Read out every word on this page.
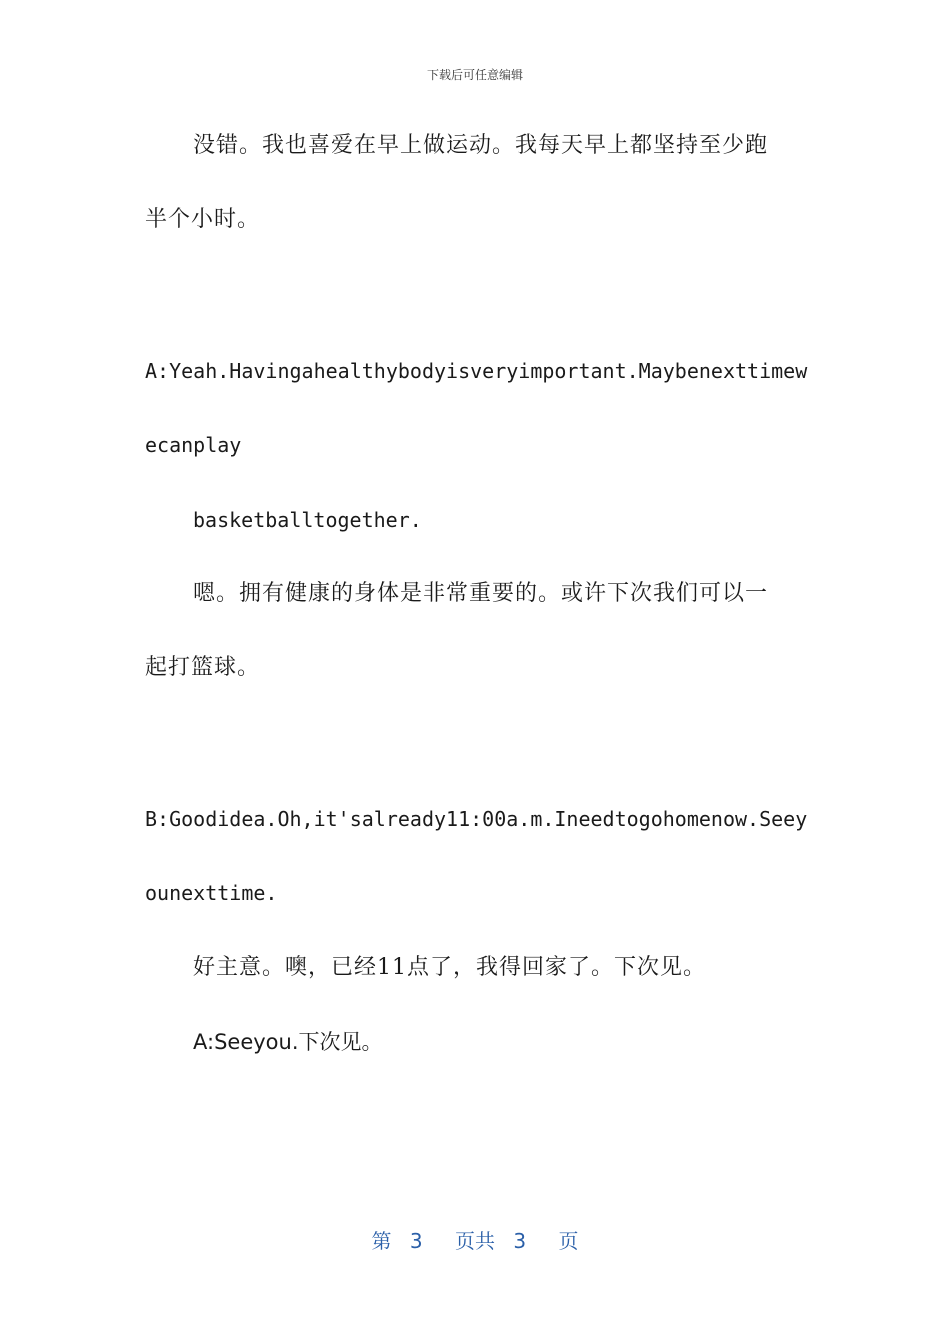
下载后可任意编辑
没错。我也喜爱在早上做运动。我每天早上都坚持至少跑
半个小时。
A:Yeah.Havingahealthybodyisveryimportant.Maybenexttimew
ecanplay
basketballtogether.
嗯。拥有健康的身体是非常重要的。或许下次我们可以一
起打篮球。
B:Goodidea.Oh,it'salready11:00a.m.Ineedtogohomenow.Seey
ounexttime.
好主意。噢，已经11点了，我得回家了。下次见。
A:Seeyou.下次见。
第 3 页共 3 页
